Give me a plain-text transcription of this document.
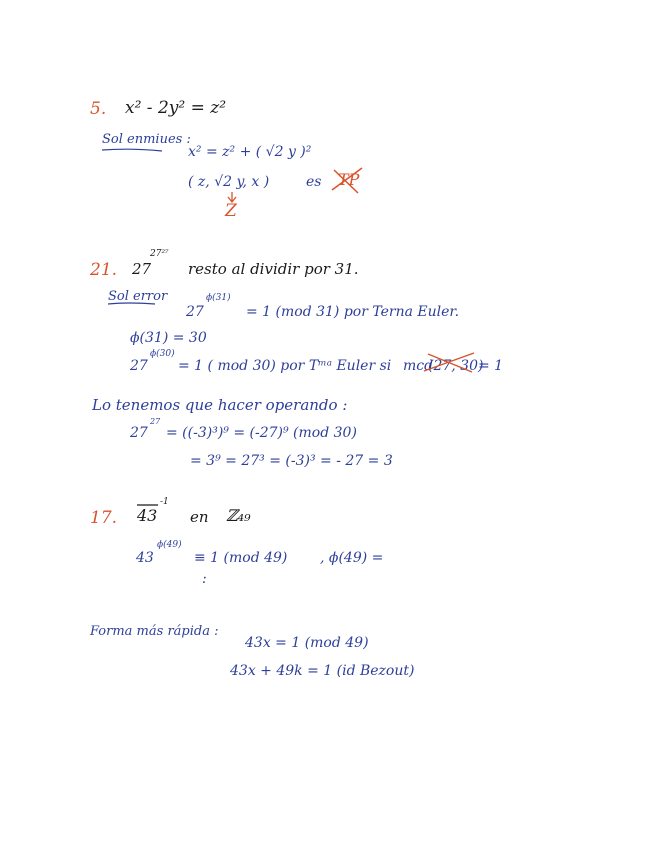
5. x² - 2y² = z²
Sol enmiues :
x² = z² + ( √2 y )²
( z, √2 y, x )	es TP
Z
21. 27
27²⁷
resto al dividir por 31.
Sol error
27
ϕ(31)
= 1 (mod 31) por Terna Euler.
ϕ(31) = 30
27
ϕ(30)
= 1 ( mod 30) por Tᵐᵃ Euler si mcd
(27, 30)
= 1
Lo tenemos que hacer operando :
27
27
= ((-3)³)⁹ = (-27)⁹ (mod 30)
= 3⁹ = 27³ = (-3)³ = - 27 = 3
17. 43
-1
en ℤ₄₉
43
ϕ(49)
≡ 1 (mod 49) , ϕ(49) =
:
Forma más rápida :
43x = 1 (mod 49)
43x + 49k = 1 (id Bezout)
